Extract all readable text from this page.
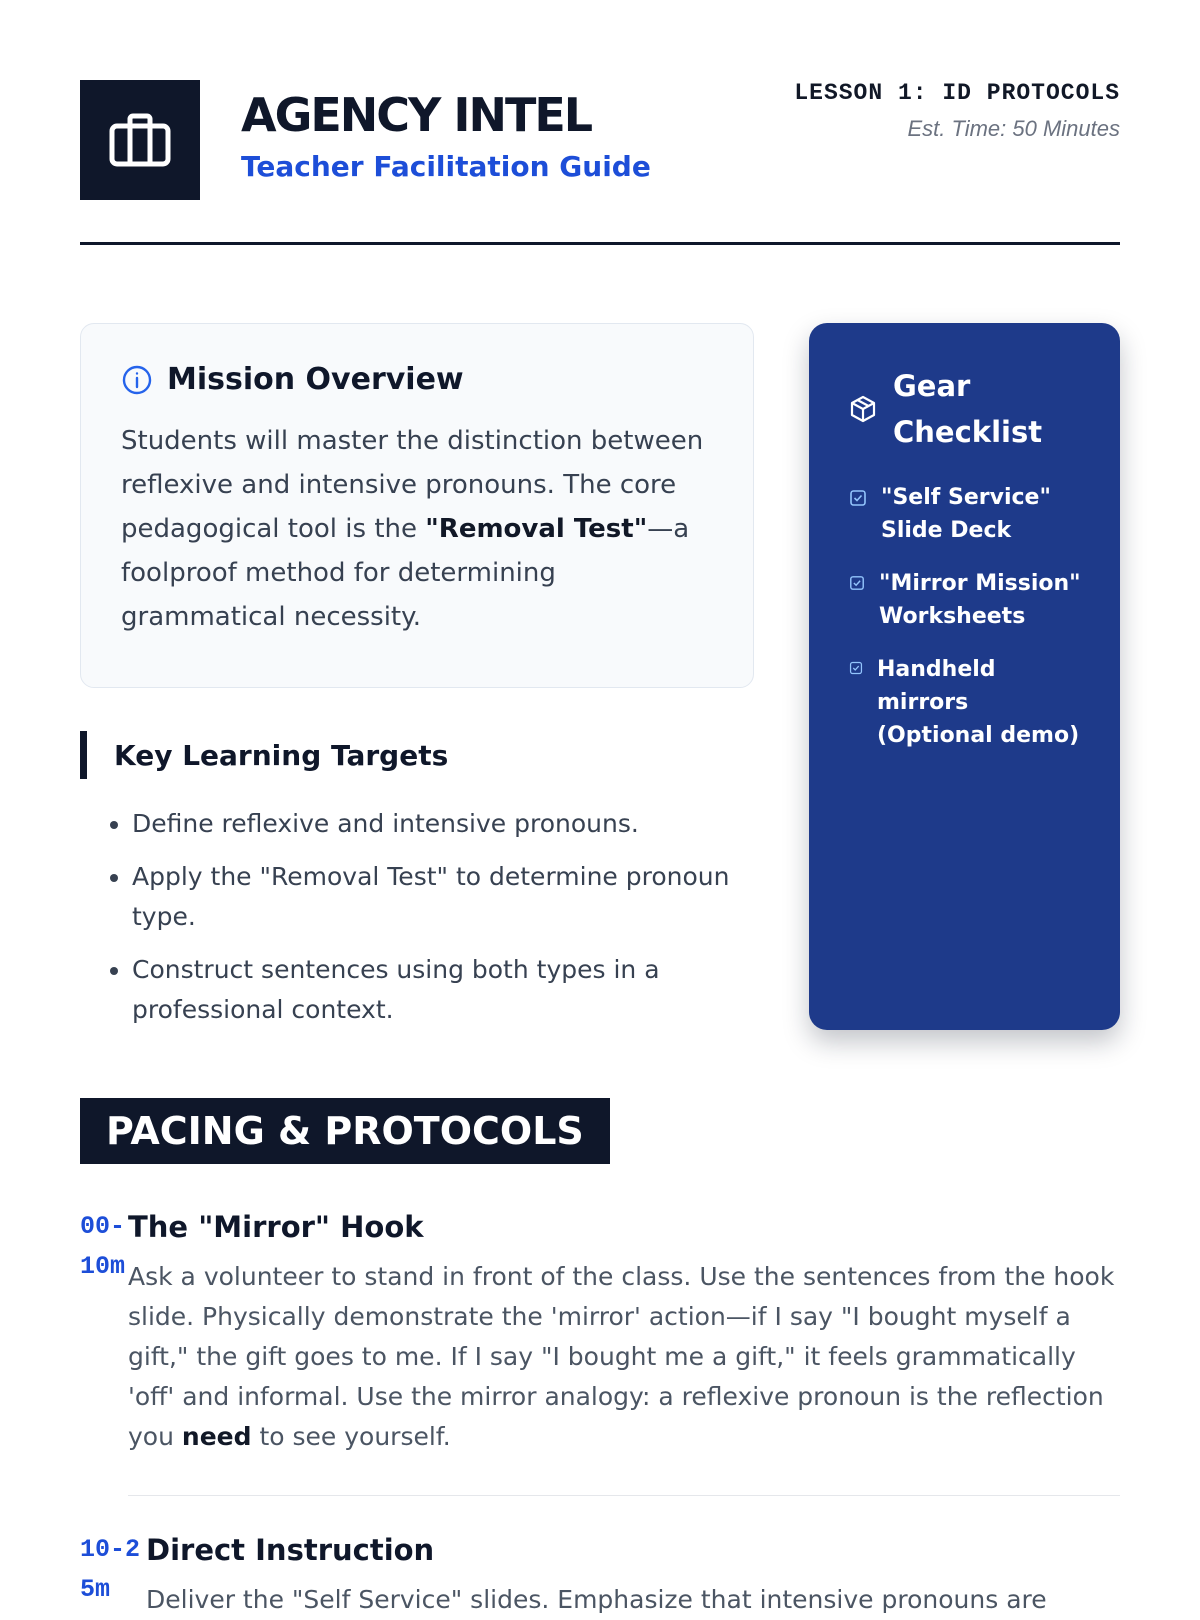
AGENCY INTEL
Teacher Facilitation Guide
LESSON 1: ID PROTOCOLS
Est. Time: 50 Minutes
Mission Overview
Students will master the distinction between reflexive and intensive pronouns. The core pedagogical tool is the "Removal Test"—a foolproof method for determining grammatical necessity.
Key Learning Targets
• Define reflexive and intensive pronouns.
• Apply the "Removal Test" to determine pronoun type.
• Construct sentences using both types in a professional context.
Gear Checklist
"Self Service" Slide Deck
"Mirror Mission" Worksheets
Handheld mirrors (Optional demo)
PACING & PROTOCOLS
00-10m
The "Mirror" Hook
Ask a volunteer to stand in front of the class. Use the sentences from the hook slide. Physically demonstrate the 'mirror' action—if I say "I bought myself a gift," the gift goes to me. If I say "I bought me a gift," it feels grammatically 'off' and informal. Use the mirror analogy: a reflexive pronoun is the reflection you need to see yourself.
10-25m
Direct Instruction
Deliver the "Self Service" slides. Emphasize that intensive pronouns are
